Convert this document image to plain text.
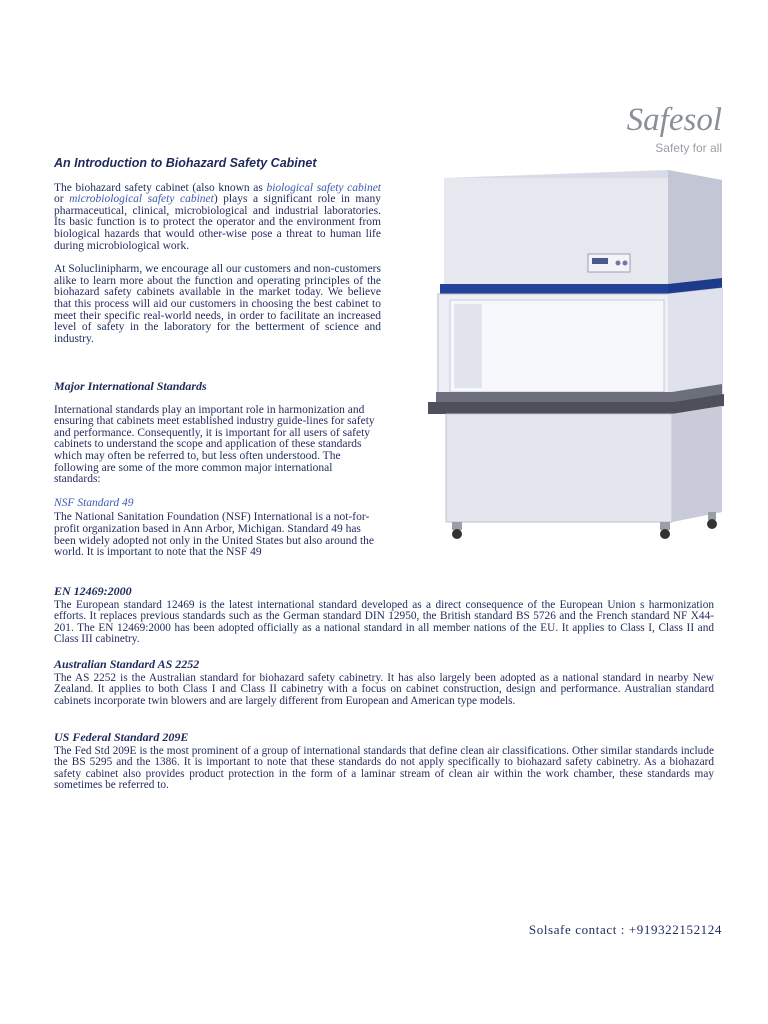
Safesol
Safety for all
An Introduction to Biohazard Safety Cabinet

The biohazard safety cabinet (also known as biological safety cabinet or microbiological safety cabinet) plays a significant role in many pharmaceutical, clinical, microbiological and industrial laboratories. Its basic function is to protect the operator and the environment from biological hazards that would other-wise pose a threat to human life during microbiological work.

At Soluclinipharm, we encourage all our customers and non-customers alike to learn more about the function and operating principles of the biohazard safety cabinets available in the market today. We believe that this process will aid our customers in choosing the best cabinet to meet their specific real-world needs, in order to facilitate an increased level of safety in the laboratory for the betterment of science and industry.

Major International Standards

International standards play an important role in harmonization and ensuring that cabinets meet established industry guide-lines for safety and performance. Consequently, it is important for all users of safety cabinets to understand the scope and application of these standards which may often be referred to, but less often understood. The following are some of the more common major international standards:

NSF Standard 49

The National Sanitation Foundation (NSF) International is a not-for-profit organization based in Ann Arbor, Michigan. Standard 49 has been widely adopted not only in the United States but also around the world. It is important to note that the NSF 49

EN 12469:2000

The European standard 12469 is the latest international standard developed as a direct consequence of the European Union s harmonization efforts. It replaces previous standards such as the German standard DIN 12950, the British standard BS 5726 and the French standard NF X44-201. The EN 12469:2000 has been adopted officially as a national standard in all member nations of the EU. It applies to Class I, Class II and Class III cabinetry.

Australian Standard AS 2252

The AS 2252 is the Australian standard for biohazard safety cabinetry. It has also largely been adopted as a national standard in nearby New Zealand. It applies to both Class I and Class II cabinetry with a focus on cabinet construction, design and performance. Australian standard cabinets incorporate twin blowers and are largely different from European and American type models.

US Federal Standard 209E

The Fed Std 209E is the most prominent of a group of international standards that define clean air classifications. Other similar standards include the BS 5295 and the 1386. It is important to note that these standards do not apply specifically to biohazard safety cabinetry. As a biohazard safety cabinet also provides product protection in the form of a laminar stream of clean air within the work chamber, these standards may sometimes be referred to.

Solsafe contact : +919322152124
